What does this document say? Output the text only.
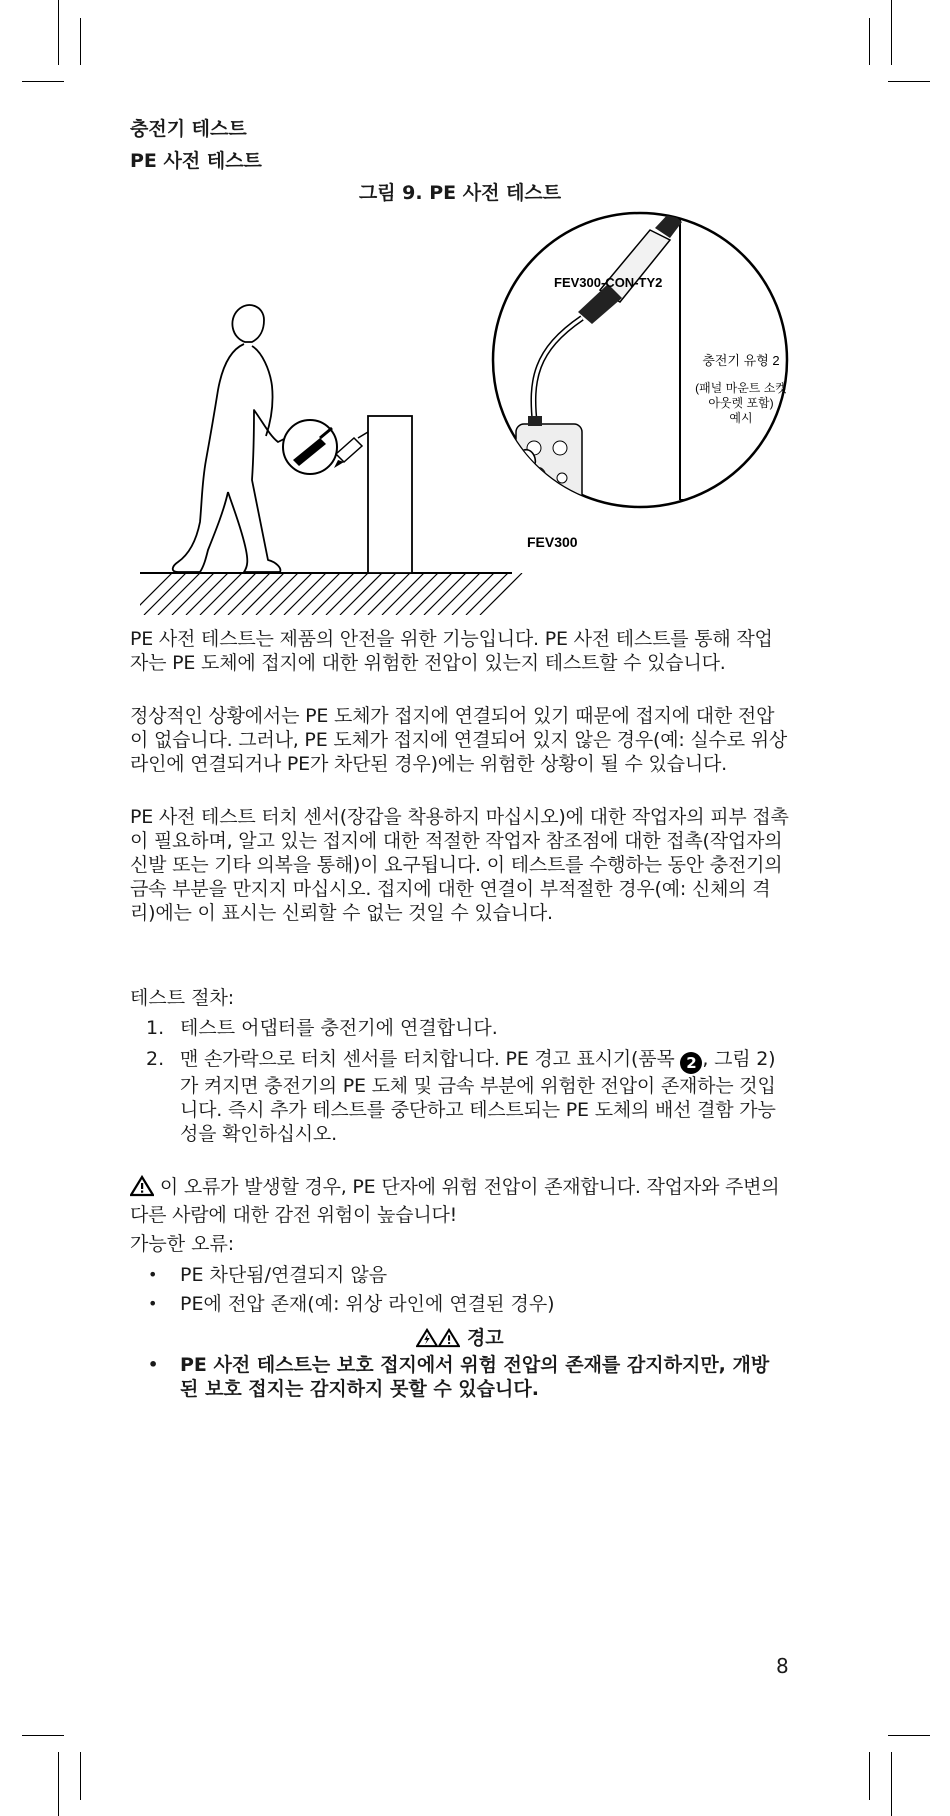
충전기 테스트
PE 사전 테스트
그림 9. PE 사전 테스트
FEV300-CON-TY2
충전기 유형 2
(패널 마운트 소켓
아웃렛 포함)
예시
FEV300

PE 사전 테스트는 제품의 안전을 위한 기능입니다. PE 사전 테스트를 통해 작업자는 PE 도체에 접지에 대한 위험한 전압이 있는지 테스트할 수 있습니다.

정상적인 상황에서는 PE 도체가 접지에 연결되어 있기 때문에 접지에 대한 전압이 없습니다. 그러나, PE 도체가 접지에 연결되어 있지 않은 경우(예: 실수로 위상 라인에 연결되거나 PE가 차단된 경우)에는 위험한 상황이 될 수 있습니다.

PE 사전 테스트 터치 센서(장갑을 착용하지 마십시오)에 대한 작업자의 피부 접촉이 필요하며, 알고 있는 접지에 대한 적절한 작업자 참조점에 대한 접촉(작업자의 신발 또는 기타 의복을 통해)이 요구됩니다. 이 테스트를 수행하는 동안 충전기의 금속 부분을 만지지 마십시오. 접지에 대한 연결이 부적절한 경우(예: 신체의 격리)에는 이 표시는 신뢰할 수 없는 것일 수 있습니다.

테스트 절차:
1. 테스트 어댑터를 충전기에 연결합니다.
2. 맨 손가락으로 터치 센서를 터치합니다. PE 경고 표시기(품목 2 , 그림 2)가 켜지면 충전기의 PE 도체 및 금속 부분에 위험한 전압이 존재하는 것입니다. 즉시 추가 테스트를 중단하고 테스트되는 PE 도체의 배선 결함 가능성을 확인하십시오.
이 오류가 발생할 경우, PE 단자에 위험 전압이 존재합니다. 작업자와 주변의 다른 사람에 대한 감전 위험이 높습니다!
가능한 오류:
• PE 차단됨/연결되지 않음
• PE에 전압 존재(예: 위상 라인에 연결된 경우)
경고
• PE 사전 테스트는 보호 접지에서 위험 전압의 존재를 감지하지만, 개방된 보호 접지는 감지하지 못할 수 있습니다.
8
